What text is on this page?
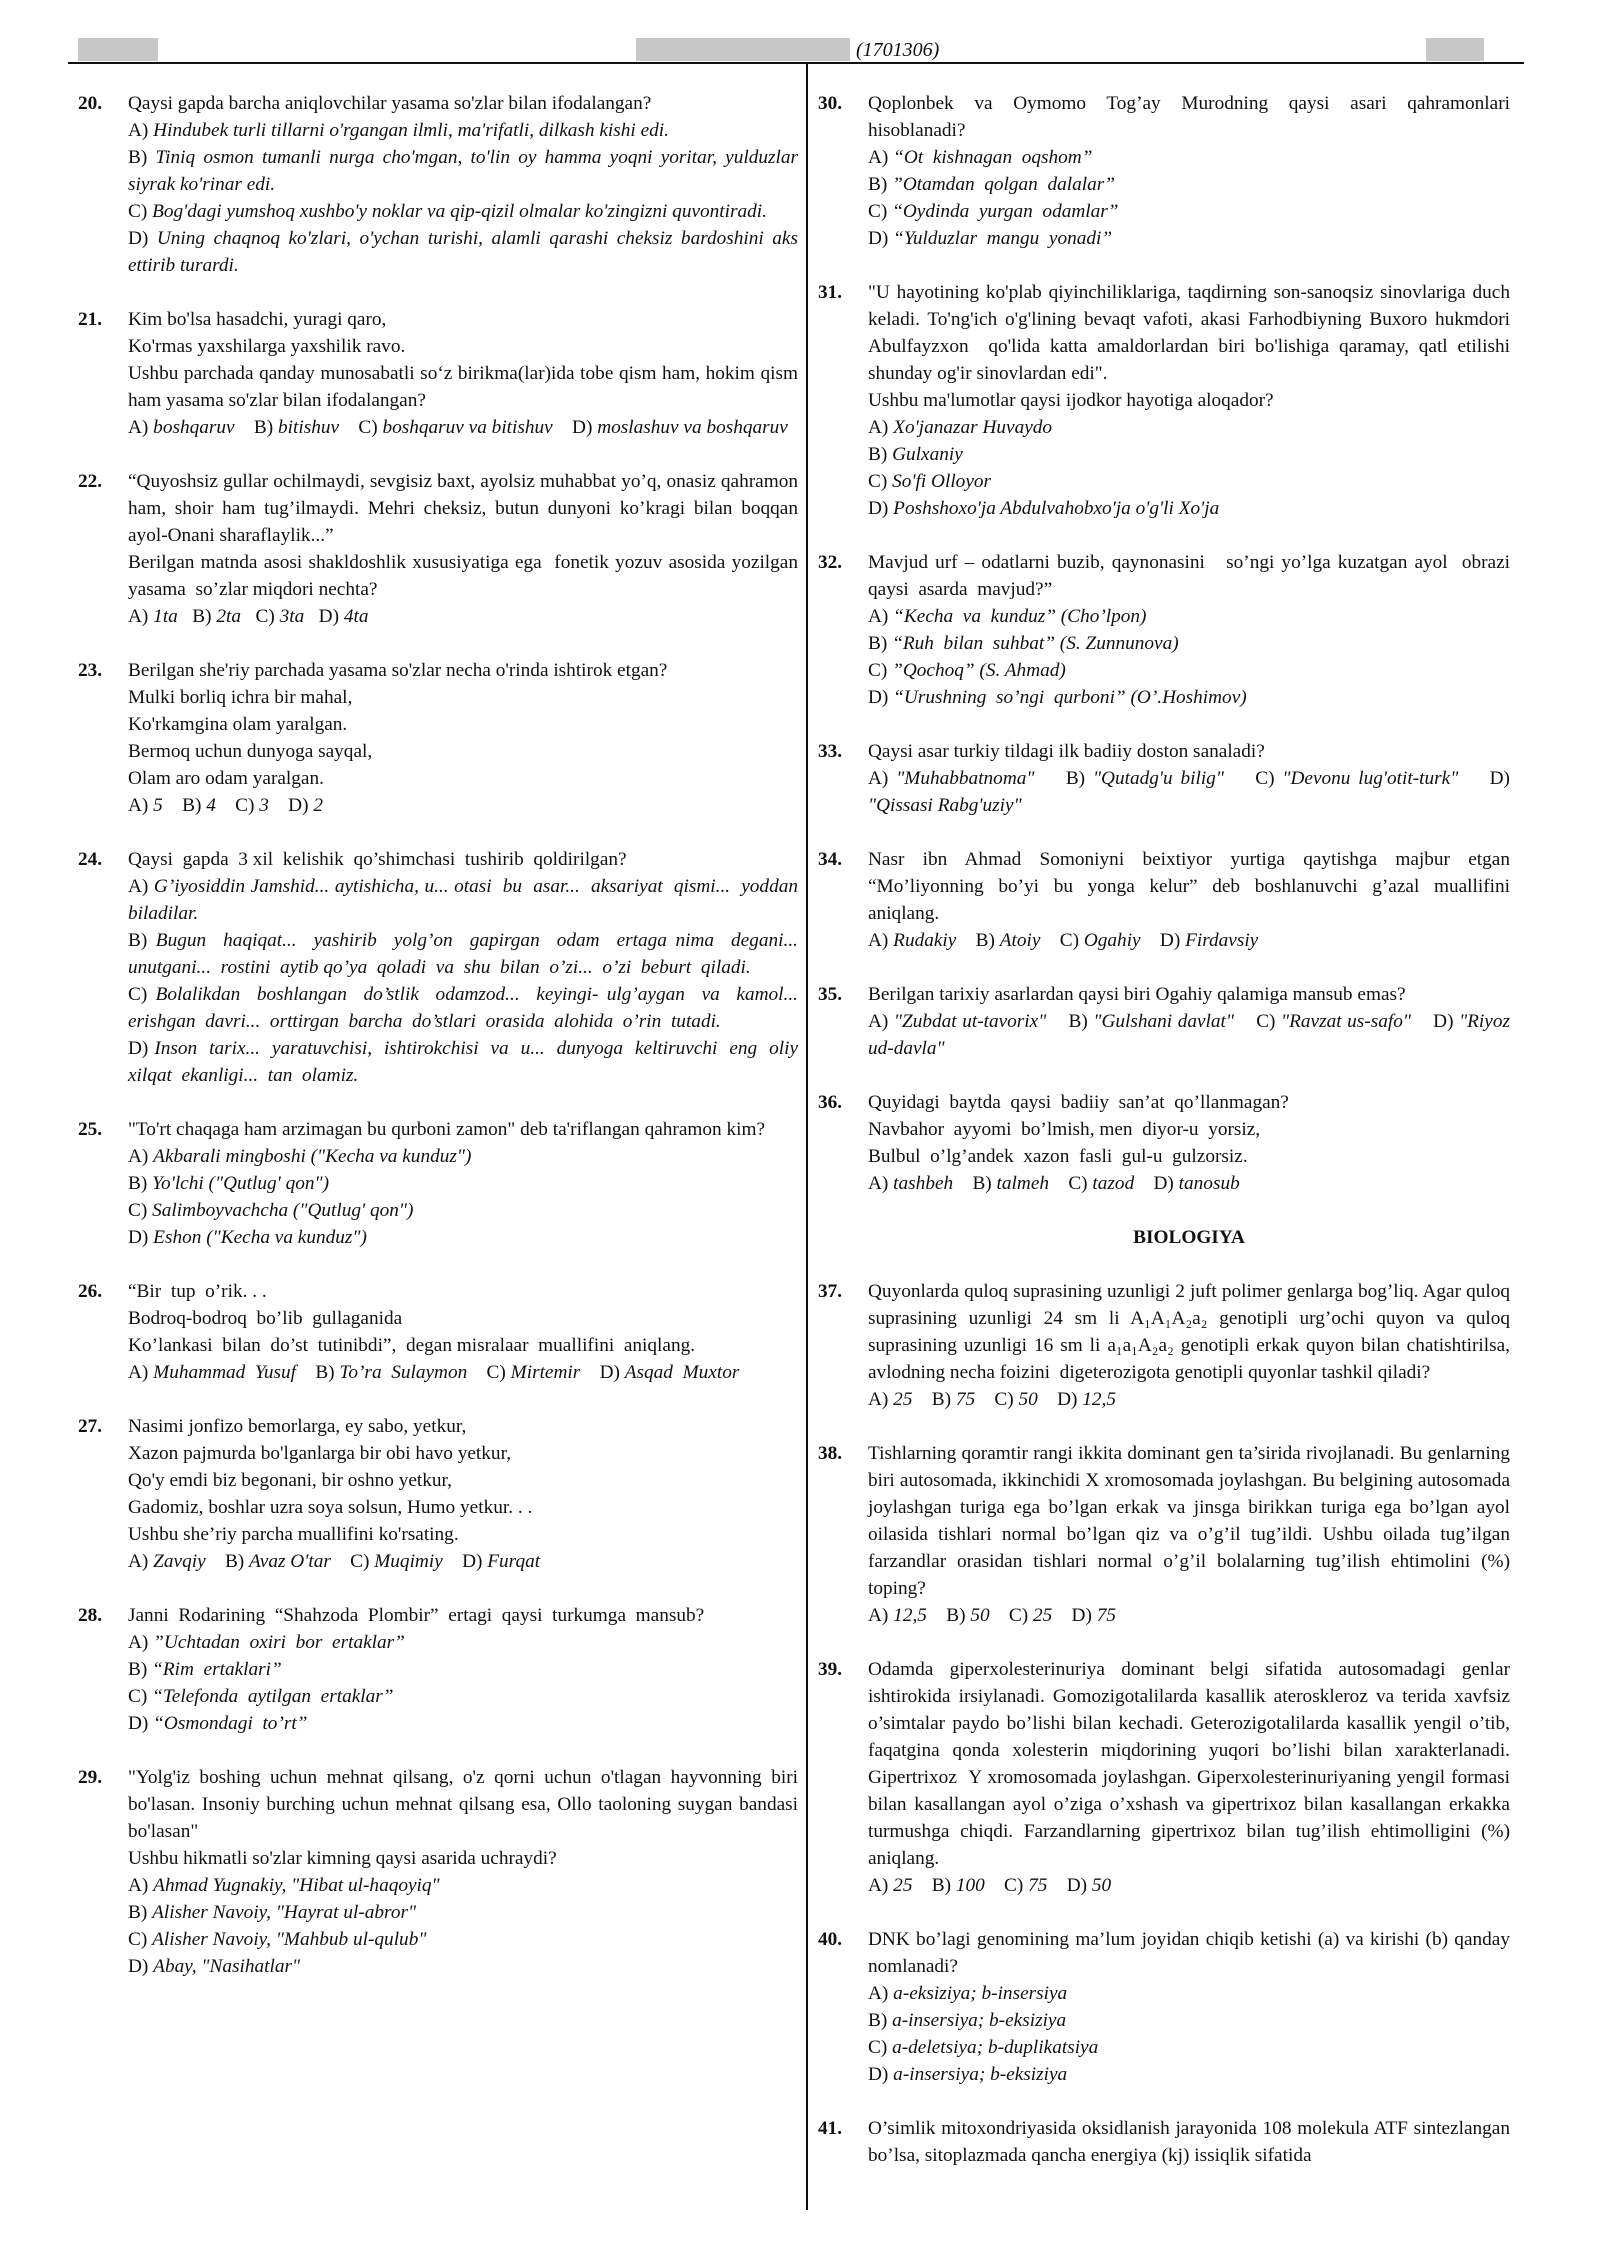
(1701306)
20. Qaysi gapda barcha aniqlovchilar yasama so'zlar bilan ifodalangan?
A) Hindubek turli tillarni o'rgangan ilmli, ma'rifatli, dilkash kishi edi.
B) Tiniq osmon tumanli nurga cho'mgan, to'lin oy hamma yoqni yoritar, yulduzlar siyrak ko'rinar edi.
C) Bog'dagi yumshoq xushbo'y noklar va qip-qizil olmalar ko'zingizni quvontiradi.
D) Uning chaqnoq ko'zlari, o'ychan turishi, alamli qarashi cheksiz bardoshini aks ettirib turardi.
21. Kim bo'lsa hasadchi, yuragi qaro,
Ko'rmas yaxshilarga yaxshilik ravo.
Ushbu parchada qanday munosabatli so‘z birikma(lar)ida tobe qism ham, hokim qism ham yasama so'zlar bilan ifodalangan?
A) boshqaruv    B) bitishuv    C) boshqaruv va bitishuv    D) moslashuv va boshqaruv
22. “Quyoshsiz gullar ochilmaydi, sevgisiz baxt, ayolsiz muhabbat yo’q, onasiz qahramon ham, shoir ham tug’ilmaydi. Mehri cheksiz, butun dunyoni ko’kragi bilan boqqan ayol-Onani sharaflaylik...”
Berilgan matnda asosi shakldoshlik xususiyatiga ega  fonetik yozuv asosida yozilgan yasama  so’zlar miqdori nechta?
A) 1ta   B) 2ta   C) 3ta   D) 4ta
23. Berilgan she'riy parchada yasama so'zlar necha o'rinda ishtirok etgan?
Mulki borliq ichra bir mahal,
Ko'rkamgina olam yaralgan.
Bermoq uchun dunyoga sayqal,
Olam aro odam yaralgan.
A) 5    B) 4    C) 3    D) 2
24. Qaysi  gapda  3 xil  kelishik  qo’shimchasi  tushirib  qoldirilgan?
A) G’iyosiddin Jamshid... aytishicha, u... otasi  bu  asar...  aksariyat  qismi...  yoddan  biladilar.
B) Bugun  haqiqat...  yashirib  yolg’on  gapirgan  odam  ertaga nima  degani...  unutgani...  rostini  aytib qo’ya  qoladi  va  shu  bilan  o’zi...  o’zi  beburt  qiladi.
C) Bolalikdan  boshlangan  do’stlik  odamzod...  keyingi- ulg’aygan  va  kamol...  erishgan  davri...  orttirgan  barcha  do’stlari  orasida  alohida  o’rin  tutadi.
D) Inson  tarix...  yaratuvchisi,  ishtirokchisi  va  u...  dunyoga  keltiruvchi  eng  oliy  xilqat  ekanligi...  tan  olamiz.
25. "To'rt chaqaga ham arzimagan bu qurboni zamon" deb ta'riflangan qahramon kim?
A) Akbarali mingboshi ("Kecha va kunduz")
B) Yo'lchi ("Qutlug' qon")
C) Salimboyvachcha ("Qutlug' qon")
D) Eshon ("Kecha va kunduz")
26. “Bir  tup  o’rik. . .
Bodroq-bodroq  bo’lib  gullaganida
Ko’lankasi  bilan  do’st  tutinibdi”,  degan misralaar  muallifini  aniqlang.
A) Muhammad  Yusuf    B) To’ra  Sulaymon    C) Mirtemir    D) Asqad  Muxtor
27. Nasimi jonfizo bemorlarga, ey sabo, yetkur,
Xazon pajmurda bo'lganlarga bir obi havo yetkur,
Qo'y emdi biz begonani, bir oshno yetkur,
Gadomiz, boshlar uzra soya solsun, Humo yetkur. . .
Ushbu she’riy parcha muallifini ko'rsating.
A) Zavqiy    B) Avaz O'tar    C) Muqimiy    D) Furqat
28. Janni  Rodarining  “Shahzoda  Plombir”  ertagi  qaysi  turkumga  mansub?
A) ”Uchtadan  oxiri  bor  ertaklar”
B) “Rim  ertaklari”
C) “Telefonda  aytilgan  ertaklar”
D) “Osmondagi  to’rt”
29. "Yolg'iz boshing uchun mehnat qilsang, o'z qorni uchun o'tlagan hayvonning biri bo'lasan. Insoniy burching uchun mehnat qilsang esa, Ollo taoloning suygan bandasi bo'lasan"
Ushbu hikmatli so'zlar kimning qaysi asarida uchraydi?
A) Ahmad Yugnakiy, "Hibat ul-haqoyiq"
B) Alisher Navoiy, "Hayrat ul-abror"
C) Alisher Navoiy, "Mahbub ul-qulub"
D) Abay, "Nasihatlar"
30. Qoplonbek  va  Oymomo  Tog’ay  Murodning  qaysi  asari  qahramonlari  hisoblanadi?
A) “Ot  kishnagan  oqshom”
B) ”Otamdan  qolgan  dalalar”
C) “Oydinda  yurgan  odamlar”
D) “Yulduzlar  mangu  yonadi”
31. "U hayotining ko'plab qiyinchiliklariga, taqdirning son-sanoqsiz sinovlariga duch keladi. To'ng'ich o'g'lining bevaqt vafoti, akasi Farhodbiyning Buxoro hukmdori Abulfayzxon  qo'lida katta amaldorlardan biri bo'lishiga qaramay, qatl etilishi shunday og'ir sinovlardan edi".
Ushbu ma'lumotlar qaysi ijodkor hayotiga aloqador?
A) Xo'janazar Huvaydo
B) Gulxaniy
C) So'fi Olloyor
D) Poshshoxo'ja Abdulvahobxo'ja o'g'li Xo'ja
32. Mavjud urf – odatlarni buzib, qaynonasini   so’ngi yo’lga kuzatgan ayol  obrazi  qaysi  asarda  mavjud?”
A) “Kecha  va  kunduz” (Cho’lpon)
B) “Ruh  bilan  suhbat” (S. Zunnunova)
C) ”Qochoq” (S. Ahmad)
D) “Urushning  so’ngi  qurboni” (O’.Hoshimov)
33. Qaysi asar turkiy tildagi ilk badiiy doston sanaladi?
A) "Muhabbatnoma"    B) "Qutadg'u bilig"    C) "Devonu lug'otit-turk"    D) "Qissasi Rabg'uziy"
34. Nasr ibn Ahmad Somoniyni beixtiyor yurtiga qaytishga majbur etgan  “Mo’liyonning  bo’yi  bu  yonga  kelur”  deb  boshlanuvchi  g’azal  muallifini  aniqlang.
A) Rudakiy    B) Atoiy    C) Ogahiy    D) Firdavsiy
35. Berilgan tarixiy asarlardan qaysi biri Ogahiy qalamiga mansub emas?
A) "Zubdat ut-tavorix"    B) "Gulshani davlat"    C) "Ravzat us-safo"    D) "Riyoz ud-davla"
36. Quyidagi  baytda  qaysi  badiiy  san’at  qo’llanmagan?
Navbahor  ayyomi  bo’lmish, men  diyor-u  yorsiz,
Bulbul  o’lg’andek  xazon  fasli  gul-u  gulzorsiz.
A) tashbeh    B) talmeh    C) tazod    D) tanosub
BIOLOGIYA
37. Quyonlarda quloq suprasining uzunligi 2 juft polimer genlarga bog’liq. Agar quloq suprasining uzunligi 24 sm li A₁A₁A₂a₂ genotipli urg’ochi quyon va quloq suprasining uzunligi 16 sm li a₁a₁A₂a₂ genotipli erkak quyon bilan chatishtirilsa, avlodning necha foizini  digeterozigota genotipli quyonlar tashkil qiladi?
A) 25    B) 75    C) 50    D) 12,5
38. Tishlarning qoramtir rangi ikkita dominant gen ta’sirida rivojlanadi. Bu genlarning biri autosomada, ikkinchidi X xromosomada joylashgan. Bu belgining autosomada joylashgan turiga ega bo’lgan erkak va jinsga birikkan turiga ega bo’lgan ayol oilasida tishlari normal bo’lgan qiz va o’g’il tug’ildi. Ushbu oilada tug’ilgan farzandlar orasidan tishlari normal o’g’il bolalarning tug’ilish ehtimolini (%) toping?
A) 12,5    B) 50    C) 25    D) 75
39. Odamda giperxolesterinuriya dominant belgi sifatida autosomadagi genlar ishtirokida irsiylanadi. Gomozigotalilarda kasallik ateroskleroz va terida xavfsiz o’simtalar paydo bo’lishi bilan kechadi. Geterozigotalilarda kasallik yengil o’tib, faqatgina qonda xolesterin miqdorining yuqori bo’lishi bilan xarakterlanadi. Gipertrixoz  Y xromosomada joylashgan. Giperxolesterinuriyaning yengil formasi bilan kasallangan ayol o’ziga o’xshash va gipertrixoz bilan kasallangan erkakka turmushga chiqdi. Farzandlarning gipertrixoz bilan tug’ilish ehtimolligini (%) aniqlang.
A) 25    B) 100    C) 75    D) 50
40. DNK bo’lagi genomining ma’lum joyidan chiqib ketishi (a) va kirishi (b) qanday nomlanadi?
A) a-eksiziya; b-insersiya
B) a-insersiya; b-eksiziya
C) a-deletsiya; b-duplikatsiya
D) a-insersiya; b-eksiziya
41. O’simlik mitoxondriyasida oksidlanish jarayonida 108 molekula ATF sintezlangan bo’lsa, sitoplazmada qancha energiya (kj) issiqlik sifatida
